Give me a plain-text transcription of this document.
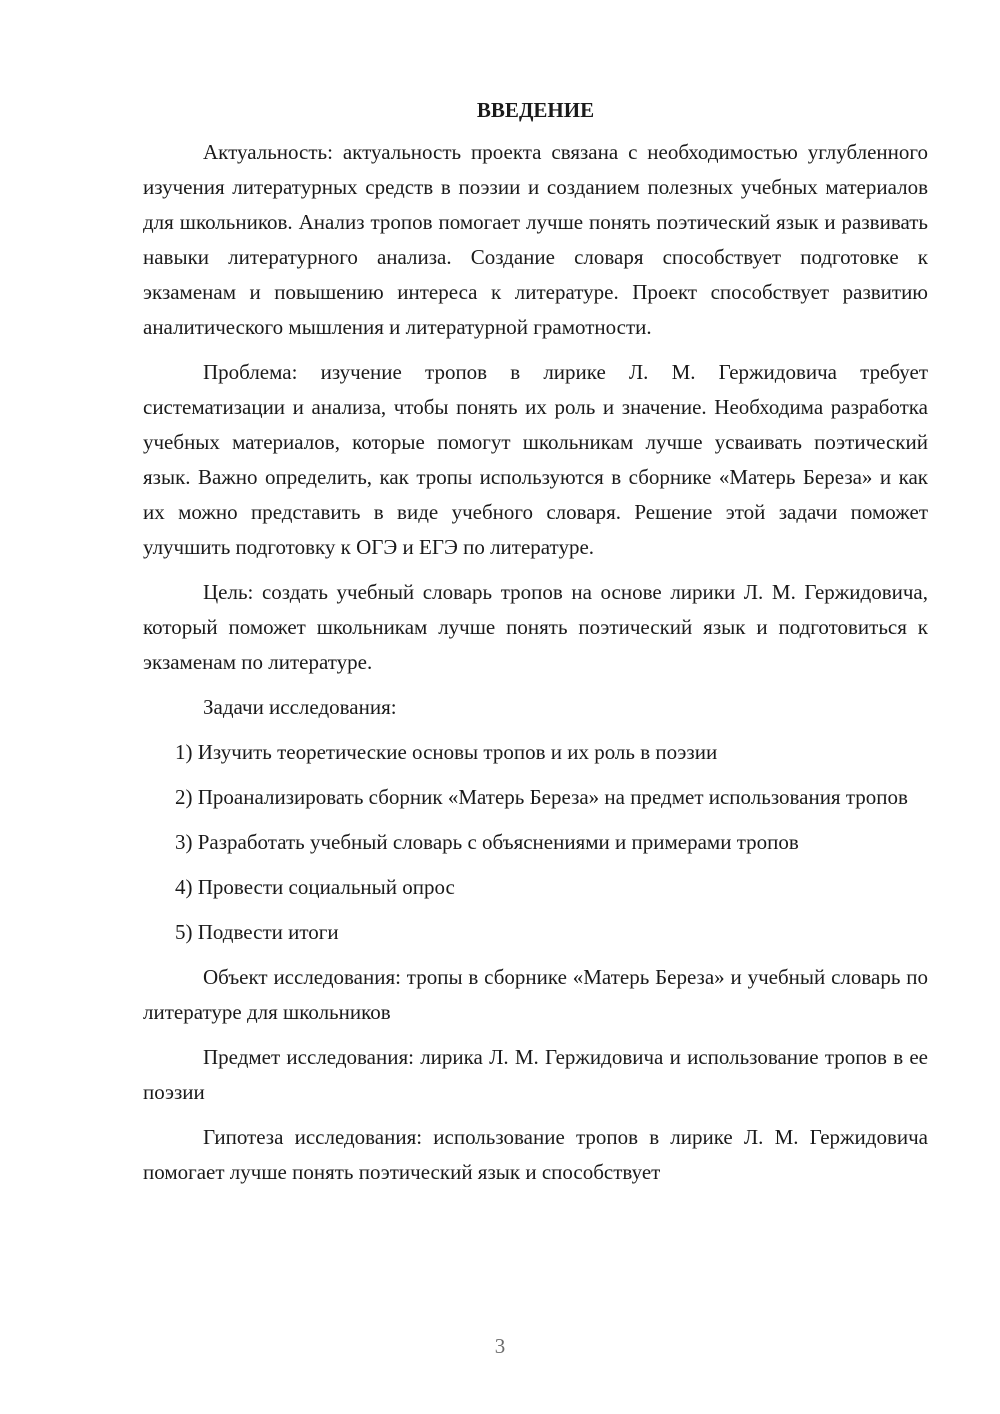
ВВЕДЕНИЕ

Актуальность: актуальность проекта связана с необходимостью углубленного изучения литературных средств в поэзии и созданием полезных учебных материалов для школьников. Анализ тропов помогает лучше понять поэтический язык и развивать навыки литературного анализа. Создание словаря способствует подготовке к экзаменам и повышению интереса к литературе. Проект способствует развитию аналитического мышления и литературной грамотности.

Проблема: изучение тропов в лирике Л. М. Гержидовича требует систематизации и анализа, чтобы понять их роль и значение. Необходима разработка учебных материалов, которые помогут школьникам лучше усваивать поэтический язык. Важно определить, как тропы используются в сборнике «Матерь Береза» и как их можно представить в виде учебного словаря. Решение этой задачи поможет улучшить подготовку к ОГЭ и ЕГЭ по литературе.

Цель: создать учебный словарь тропов на основе лирики Л. М. Гержидовича, который поможет школьникам лучше понять поэтический язык и подготовиться к экзаменам по литературе.

Задачи исследования:

1) Изучить теоретические основы тропов и их роль в поэзии

2) Проанализировать сборник «Матерь Береза» на предмет использования тропов

3) Разработать учебный словарь с объяснениями и примерами тропов

4) Провести социальный опрос

5) Подвести итоги

Объект исследования: тропы в сборнике «Матерь Береза» и учебный словарь по литературе для школьников

Предмет исследования: лирика Л. М. Гержидовича и использование тропов в ее поэзии

Гипотеза исследования: использование тропов в лирике Л. М. Гержидовича помогает лучше понять поэтический язык и способствует

3
